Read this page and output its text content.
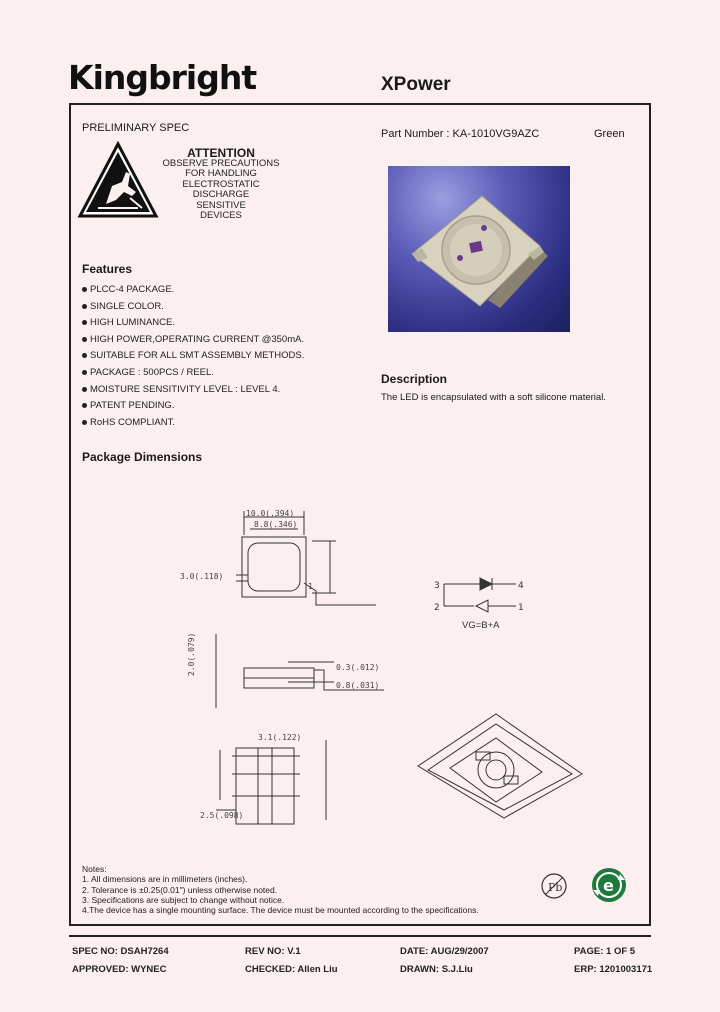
Kingbright	XPower
PRELIMINARY SPEC	Part Number : KA-1010VG9AZC	Green
ATTENTION
OBSERVE PRECAUTIONS
FOR HANDLING
ELECTROSTATIC
DISCHARGE
SENSITIVE
DEVICES
Features
PLCC-4 PACKAGE.
SINGLE COLOR.
HIGH LUMINANCE.
HIGH POWER,OPERATING CURRENT @350mA.
SUITABLE FOR ALL SMT ASSEMBLY METHODS.
PACKAGE : 500PCS / REEL.
MOISTURE SENSITIVITY LEVEL : LEVEL 4.
PATENT PENDING.
RoHS COMPLIANT.
Description
The LED is encapsulated with a soft silicone material.
Package Dimensions
10.0(.394)
8.8(.346)
3.0(.118)
1	3	4
2	1
VG=B+A
2.0(.079)	0.3(.012)
0.8(.031)
3.1(.122)
2.5(.098)
Notes:
1. All dimensions are in millimeters (inches).
2. Tolerance is ±0.25(0.01") unless otherwise noted.
3. Specifications are subject to change without notice.
4.The device has a single mounting surface. The device must be mounted according to the specifications.
Pb	e
SPEC NO: DSAH7264	REV NO: V.1	DATE: AUG/29/2007	PAGE: 1 OF 5
APPROVED: WYNEC	CHECKED: Allen Liu	DRAWN: S.J.Liu	ERP: 1201003171
